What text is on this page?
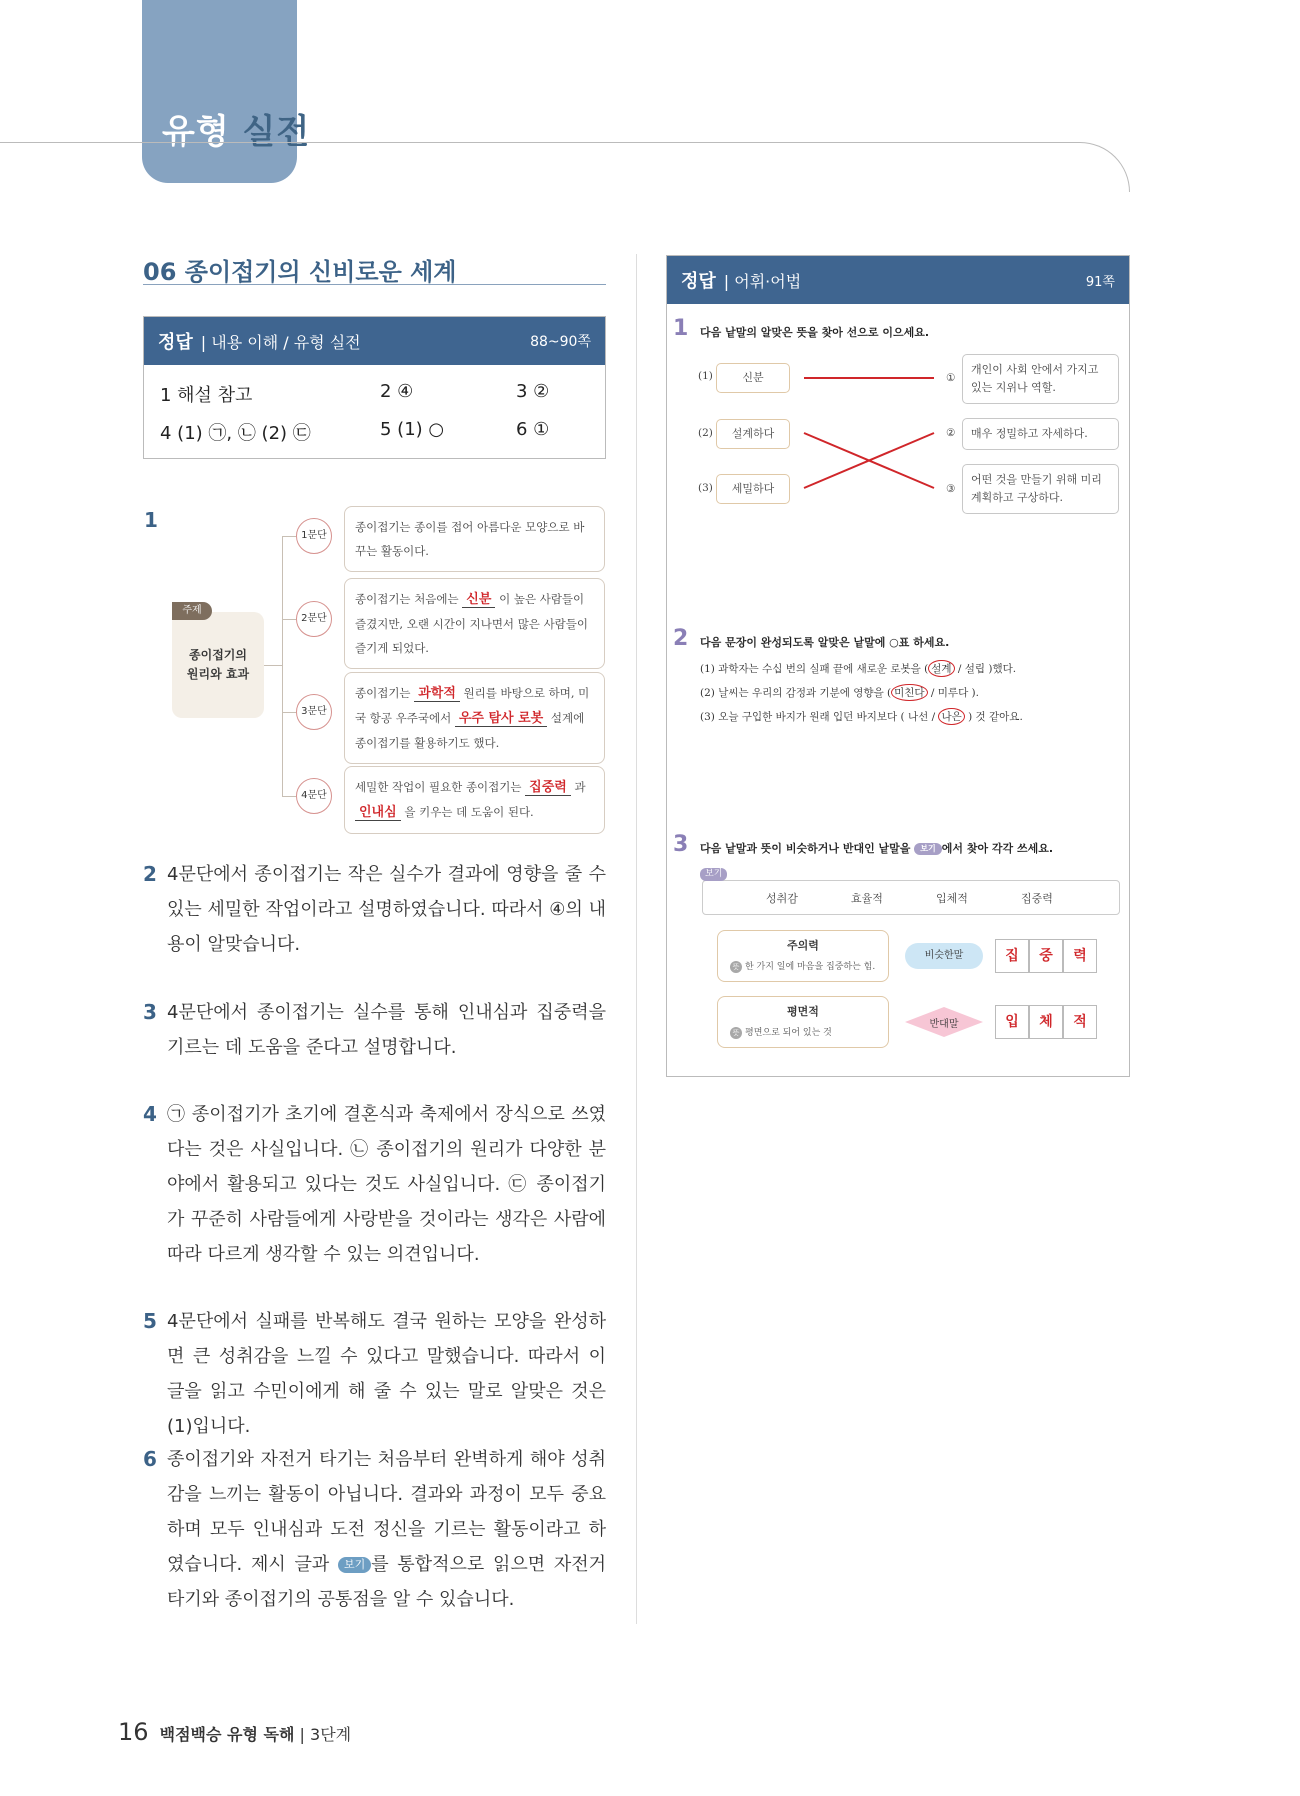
유형 실전
06 종이접기의 신비로운 세계
정답 | 내용 이해 / 유형 실전	88~90쪽
1 해설 참고	2 ④	3 ②
4 (1) ㉠, ㉡ (2) ㉢	5 (1) ○	6 ①
1
주제
종이접기의 원리와 효과
1문단
2문단
3문단
4문단
종이접기는 종이를 접어 아름다운 모양으로 바꾸는 활동이다.
종이접기는 처음에는 신분 이 높은 사람들이 즐겼지만, 오랜 시간이 지나면서 많은 사람들이 즐기게 되었다.
종이접기는 과학적 원리를 바탕으로 하며, 미국 항공 우주국에서 우주 탐사 로봇 설계에 종이접기를 활용하기도 했다.
세밀한 작업이 필요한 종이접기는 집중력 과 인내심 을 키우는 데 도움이 된다.
2 4문단에서 종이접기는 작은 실수가 결과에 영향을 줄 수 있는 세밀한 작업이라고 설명하였습니다. 따라서 ④의 내용이 알맞습니다.
3 4문단에서 종이접기는 실수를 통해 인내심과 집중력을 기르는 데 도움을 준다고 설명합니다.
4 ㉠ 종이접기가 초기에 결혼식과 축제에서 장식으로 쓰였다는 것은 사실입니다. ㉡ 종이접기의 원리가 다양한 분야에서 활용되고 있다는 것도 사실입니다. ㉢ 종이접기가 꾸준히 사람들에게 사랑받을 것이라는 생각은 사람에 따라 다르게 생각할 수 있는 의견입니다.
5 4문단에서 실패를 반복해도 결국 원하는 모양을 완성하면 큰 성취감을 느낄 수 있다고 말했습니다. 따라서 이 글을 읽고 수민이에게 해 줄 수 있는 말로 알맞은 것은 (1)입니다.
6 종이접기와 자전거 타기는 처음부터 완벽하게 해야 성취감을 느끼는 활동이 아닙니다. 결과와 과정이 모두 중요하며 모두 인내심과 도전 정신을 기르는 활동이라고 하였습니다. 제시 글과 보기 를 통합적으로 읽으면 자전거 타기와 종이접기의 공통점을 알 수 있습니다.
정답 | 어휘·어법	91쪽
1 다음 낱말의 알맞은 뜻을 찾아 선으로 이으세요.
(1)
(2)
(3)
신분
설계하다
세밀하다
①
②
③
개인이 사회 안에서 가지고 있는 지위나 역할.
매우 정밀하고 자세하다.
어떤 것을 만들기 위해 미리 계획하고 구상하다.
2 다음 문장이 완성되도록 알맞은 낱말에 ○표 하세요.
(1) 과학자는 수십 번의 실패 끝에 새로운 로봇을 ( 설계 / 설립 )했다.
(2) 날씨는 우리의 감정과 기분에 영향을 ( 미친다 / 미루다 ).
(3) 오늘 구입한 바지가 원래 입던 바지보다 ( 나선 / 나은 ) 것 같아요.
3 다음 낱말과 뜻이 비슷하거나 반대인 낱말을 보기 에서 찾아 각각 쓰세요.
보기
성취감	효율적	입체적	집중력
주의력
뜻 한 가지 일에 마음을 집중하는 힘.
비슷한말	집	중	력
평면적
뜻 평면으로 되어 있는 것
반대말	입	체	적
16 백점백승 유형 독해 | 3단계
